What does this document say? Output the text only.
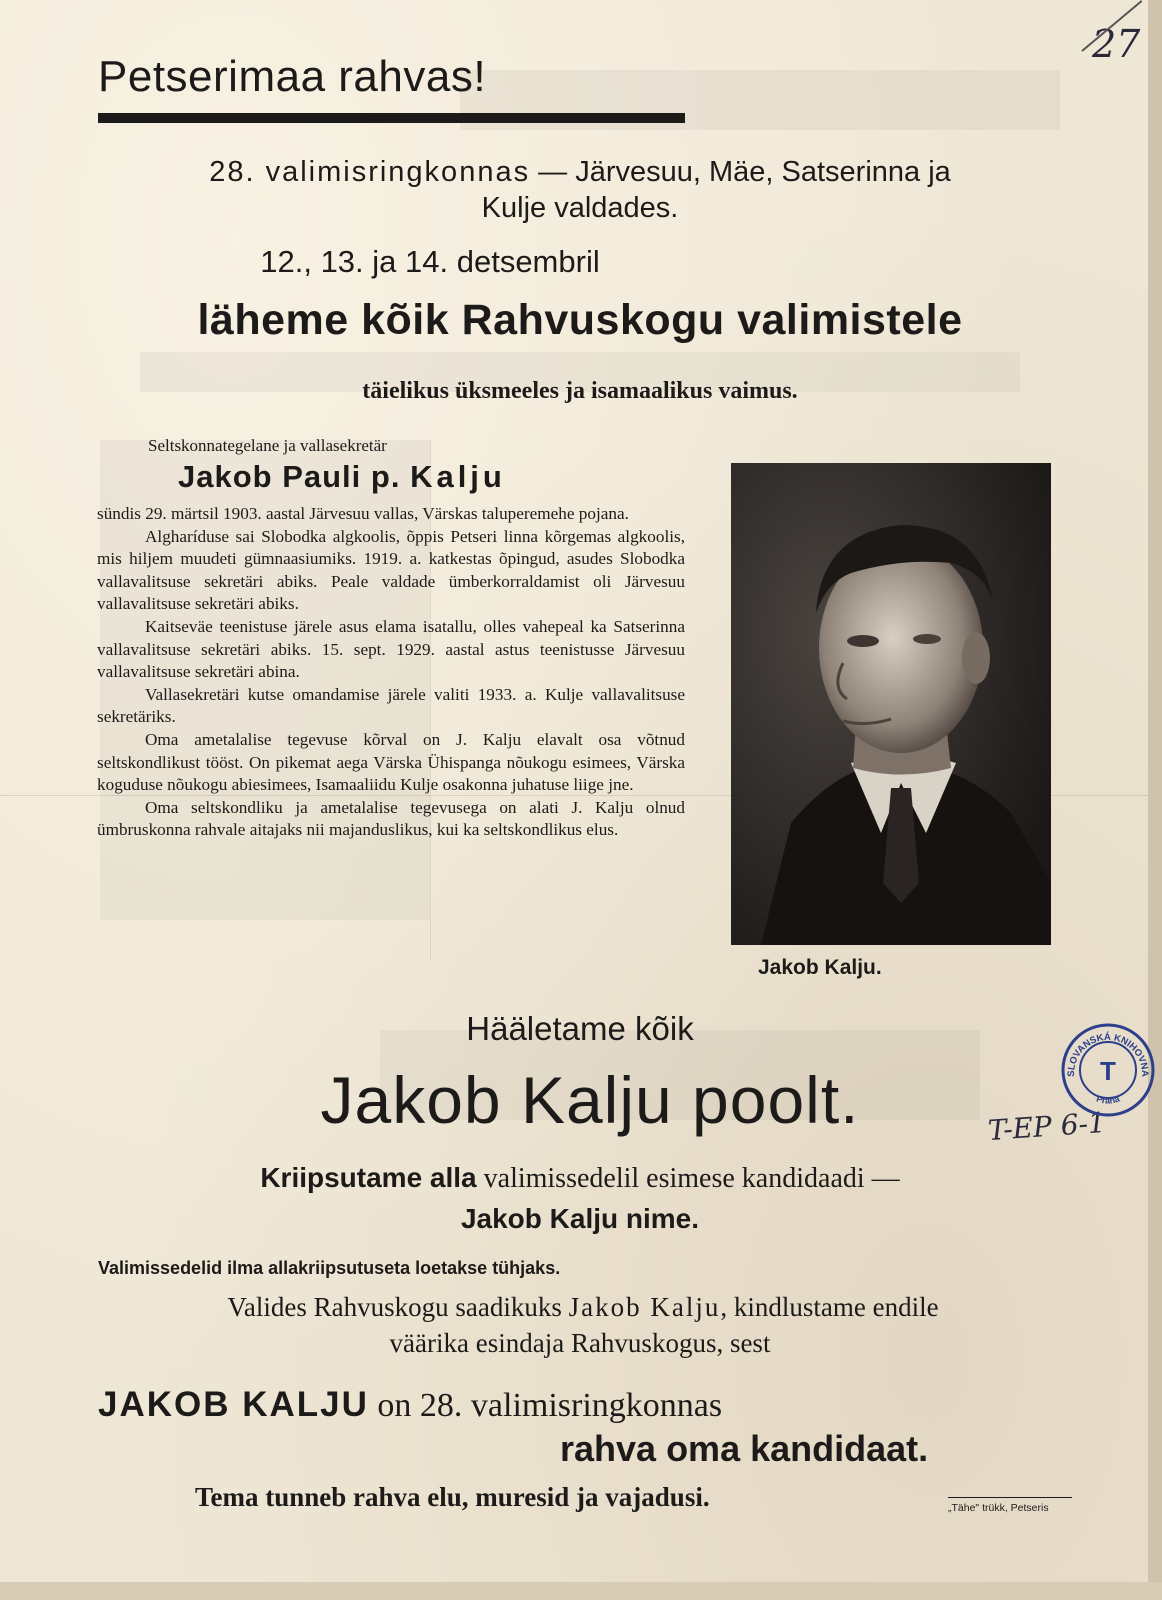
Petserimaa rahvas!
28. valimisringkonnas — Järvesuu, Mäe, Satserinna ja
Kulje valdades.
12., 13. ja 14. detsembril
läheme kõik Rahvuskogu valimistele
täielikus üksmeeles ja isamaalikus vaimus.
Seltskonnategelane ja vallasekretär
Jakob Pauli p. Kalju

sündis 29. märtsil 1903. aastal Järvesuu vallas, Värskas taluperemehe pojana.

Algharíduse sai Slobodka algkoolis, õppis Petseri linna kõrgemas algkoolis, mis hiljem muudeti gümnaasiumiks. 1919. a. katkestas õpingud, asudes Slobodka vallavalitsuse sekretäri abiks. Peale valdade ümberkorraldamist oli Järvesuu vallavalitsuse sekretäri abiks.

Kaitseväe teenistuse järele asus elama isatallu, olles vahepeal ka Satserinna vallavalitsuse sekretäri abiks. 15. sept. 1929. aastal astus teenistusse Järvesuu vallavalitsuse sekretäri abina.

Vallasekretäri kutse omandamise järele valiti 1933. a. Kulje vallavalitsuse sekretäriks.

Oma ametalalise tegevuse kõrval on J. Kalju elavalt osa võtnud seltskondlikust tööst. On pikemat aega Värska Ühispanga nõukogu esimees, Värska koguduse nõukogu abiesimees, Isamaaliidu Kulje osakonna juhatuse liige jne.

Oma seltskondliku ja ametalalise tegevusega on alati J. Kalju olnud ümbruskonna rahvale aitajaks nii majanduslikus, kui ka seltskondlikus elus.

Jakob Kalju.
Hääletame kõik
Jakob Kalju poolt.
Kriipsutame alla valimissedelil esimese kandidaadi —
Jakob Kalju nime.
Valimissedelid ilma allakriipsutuseta loetakse tühjaks.
Valides Rahvuskogu saadikuks Jakob Kalju, kindlustame endile
väärika esindaja Rahvuskogus, sest
JAKOB KALJU on 28. valimisringkonnas
rahva oma kandidaat.
Tema tunneb rahva elu, muresid ja vajadusi.	„Tähe" trükk, Petseris
27
T-EP 6-1
SLOVANSKÁ KNIHOVNA
Praha
T
